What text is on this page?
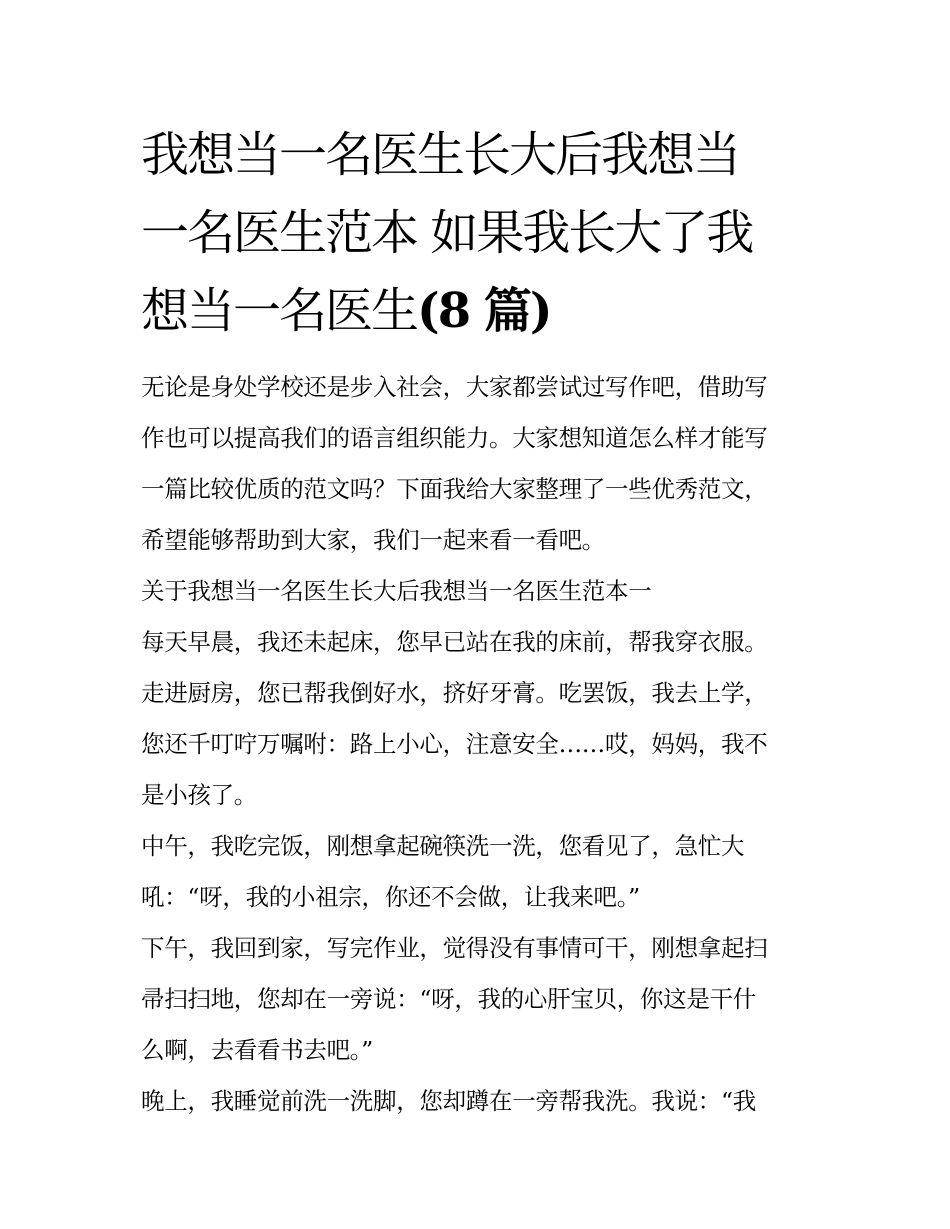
我想当一名医生长大后我想当
一名医生范本 如果我长大了我
想当一名医生(8 篇)

无论是身处学校还是步入社会，大家都尝试过写作吧，借助写
作也可以提高我们的语言组织能力。大家想知道怎么样才能写
一篇比较优质的范文吗？下面我给大家整理了一些优秀范文，
希望能够帮助到大家，我们一起来看一看吧。

关于我想当一名医生长大后我想当一名医生范本一

每天早晨，我还未起床，您早已站在我的床前，帮我穿衣服。
走进厨房，您已帮我倒好水，挤好牙膏。吃罢饭，我去上学，
您还千叮咛万嘱咐：路上小心，注意安全……哎，妈妈，我不
是小孩了。

中午，我吃完饭，刚想拿起碗筷洗一洗，您看见了，急忙大
吼：“呀，我的小祖宗，你还不会做，让我来吧。”

下午，我回到家，写完作业，觉得没有事情可干，刚想拿起扫
帚扫扫地，您却在一旁说：“呀，我的心肝宝贝，你这是干什
么啊，去看看书去吧。”

晚上，我睡觉前洗一洗脚，您却蹲在一旁帮我洗。我说：“我
